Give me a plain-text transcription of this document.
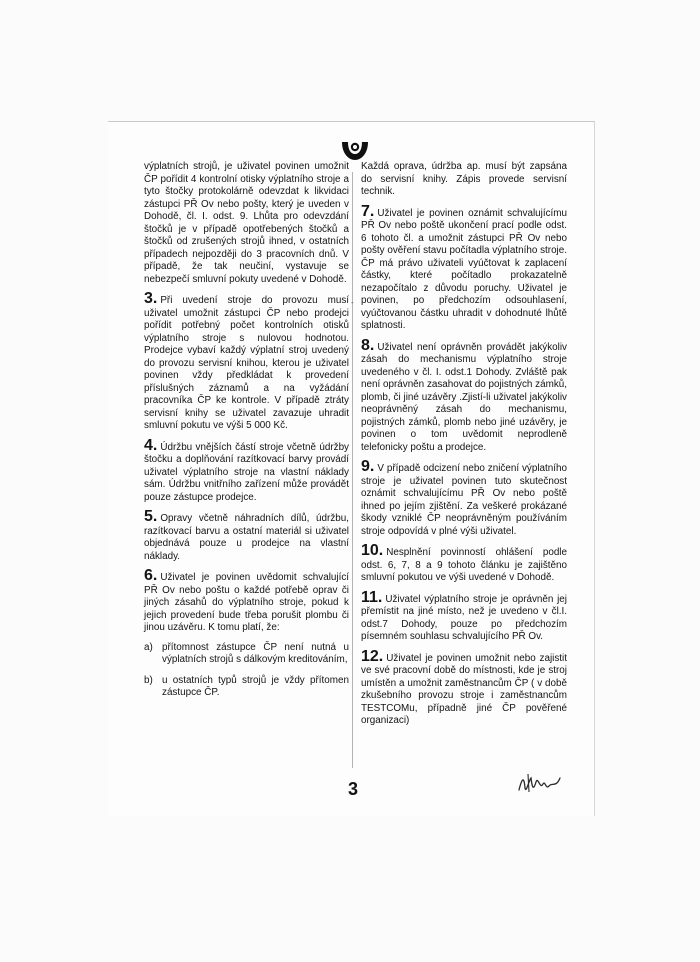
výplatních strojů, je uživatel povinen umožnit ČP pořídit 4 kontrolní otisky výplatního stroje a tyto štočky protokolárně odevzdat k likvidaci zástupci PŘ Ov nebo pošty, který je uveden v Dohodě, čl. I. odst. 9. Lhůta pro odevzdání štočků je v případě opotřebených štočků a štočků od zrušených strojů ihned, v ostatních případech nejpozději do 3 pracovních dnů. V případě, že tak neučiní, vystavuje se nebezpečí smluvní pokuty uvedené v Dohodě.

3. Při uvedení stroje do provozu musí uživatel umožnit zástupci ČP nebo prodejci pořídit potřebný počet kontrolních otisků výplatního stroje s nulovou hodnotou. Prodejce vybaví každý výplatní stroj uvedený do provozu servisní knihou, kterou je uživatel povinen vždy předkládat k provedení příslušných záznamů a na vyžádání pracovníka ČP ke kontrole. V případě ztráty servisní knihy se uživatel zavazuje uhradit smluvní pokutu ve výši 5 000 Kč.

4. Údržbu vnějších částí stroje včetně údržby štočku a doplňování razítkovací barvy provádí uživatel výplatního stroje na vlastní náklady sám. Údržbu vnitřního zařízení může provádět pouze zástupce prodejce.

5. Opravy včetně náhradních dílů, údržbu, razítkovací barvu a ostatní materiál si uživatel objednává pouze u prodejce na vlastní náklady.

6. Uživatel je povinen uvědomit schvalující PŘ Ov nebo poštu o každé potřebě oprav či jiných zásahů do výplatního stroje, pokud k jejich provedení bude třeba porušit plombu či jinou uzávěru. K tomu platí, že:

a) přítomnost zástupce ČP není nutná u výplatních strojů s dálkovým kreditováním,
b) u ostatních typů strojů je vždy přítomen zástupce ČP.
-

Každá oprava, údržba ap. musí být zapsána do servisní knihy. Zápis provede servisní technik.

7. Uživatel je povinen oznámit schvalujícímu PŘ Ov nebo poště ukončení prací podle odst. 6 tohoto čl. a umožnit zástupci PŘ Ov nebo pošty ověření stavu počítadla výplatního stroje. ČP má právo uživateli vyúčtovat k zaplacení částky, které počítadlo prokazatelně nezapočítalo z důvodu poruchy. Uživatel je povinen, po předchozím odsouhlasení, vyúčtovanou částku uhradit v dohodnuté lhůtě splatnosti.

8. Uživatel není oprávněn provádět jakýkoliv zásah do mechanismu výplatního stroje uvedeného v čl. I. odst.1 Dohody. Zvláště pak není oprávněn zasahovat do pojistných zámků, plomb, či jiné uzávěry .Zjistí-li uživatel jakýkoliv neoprávněný zásah do mechanismu, pojistných zámků, plomb nebo jiné uzávěry, je povinen o tom uvědomit neprodleně telefonicky poštu a prodejce.

9. V případě odcizení nebo zničení výplatního stroje je uživatel povinen tuto skutečnost oznámit schvalujícímu PŘ Ov nebo poště ihned po jejím zjištění. Za veškeré prokázané škody vzniklé ČP neoprávněným používáním stroje odpovídá v plné výši uživatel.

10. Nesplnění povinností ohlášení podle odst. 6, 7, 8 a 9 tohoto článku je zajištěno smluvní pokutou ve výši uvedené v Dohodě.

11. Uživatel výplatního stroje je oprávněn jej přemístit na jiné místo, než je uvedeno v čl.I. odst.7 Dohody, pouze po předchozím písemném souhlasu schvalujícího PŘ Ov.

12. Uživatel je povinen umožnit nebo zajistit ve své pracovní době do místnosti, kde je stroj umístěn a umožnit zaměstnancům ČP ( v době zkušebního provozu stroje i zaměstnancům TESTCOMu, případně jiné ČP pověřené organizaci)

3
